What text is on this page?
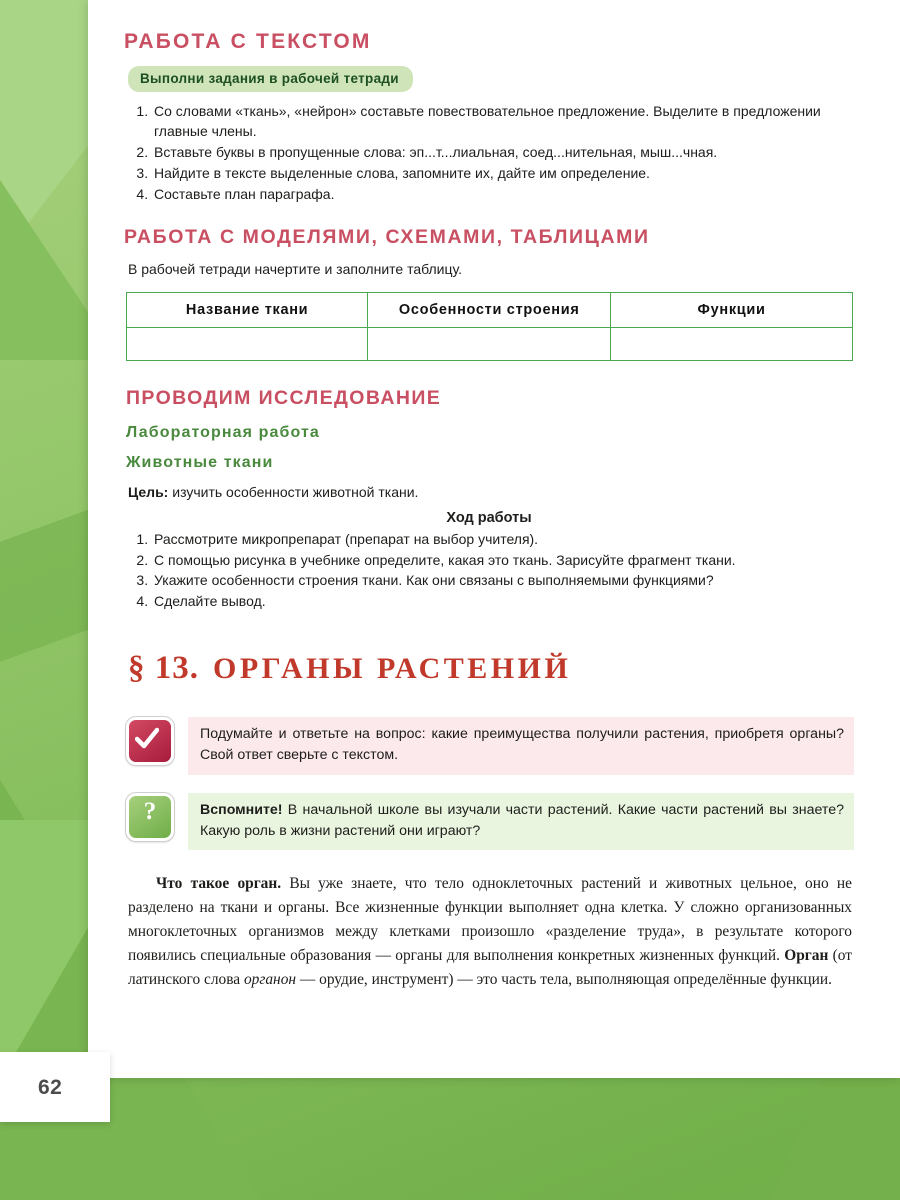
РАБОТА С ТЕКСТОМ
Выполни задания в рабочей тетради
1. Со словами «ткань», «нейрон» составьте повествовательное предложение. Выделите в предложении главные члены.
2. Вставьте буквы в пропущенные слова: эп...т...лиальная, соед...нительная, мыш...чная.
3. Найдите в тексте выделенные слова, запомните их, дайте им определение.
4. Составьте план параграфа.
РАБОТА С МОДЕЛЯМИ, СХЕМАМИ, ТАБЛИЦАМИ
В рабочей тетради начертите и заполните таблицу.
Название ткани	Особенности строения	Функции

ПРОВОДИМ ИССЛЕДОВАНИЕ
Лабораторная работа
Животные ткани
Цель: изучить особенности животной ткани.
Ход работы
1. Рассмотрите микропрепарат (препарат на выбор учителя).
2. С помощью рисунка в учебнике определите, какая это ткань. Зарисуйте фрагмент ткани.
3. Укажите особенности строения ткани. Как они связаны с выполняемыми функциями?
4. Сделайте вывод.
§ 13. ОРГАНЫ РАСТЕНИЙ
Подумайте и ответьте на вопрос: какие преимущества получили растения, приобретя органы? Свой ответ сверьте с текстом.
?	Вспомните! В начальной школе вы изучали части растений. Какие части растений вы знаете? Какую роль в жизни растений они играют?

Что такое орган. Вы уже знаете, что тело одноклеточных растений и животных цельное, оно не разделено на ткани и органы. Все жизненные функции выполняет одна клетка. У сложно организованных многоклеточных организмов между клетками произошло «разделение труда», в результате которого появились специальные образования — органы для выполнения конкретных жизненных функций. Орган (от латинского слова органон — орудие, инструмент) — это часть тела, выполняющая определённые функции.

62
